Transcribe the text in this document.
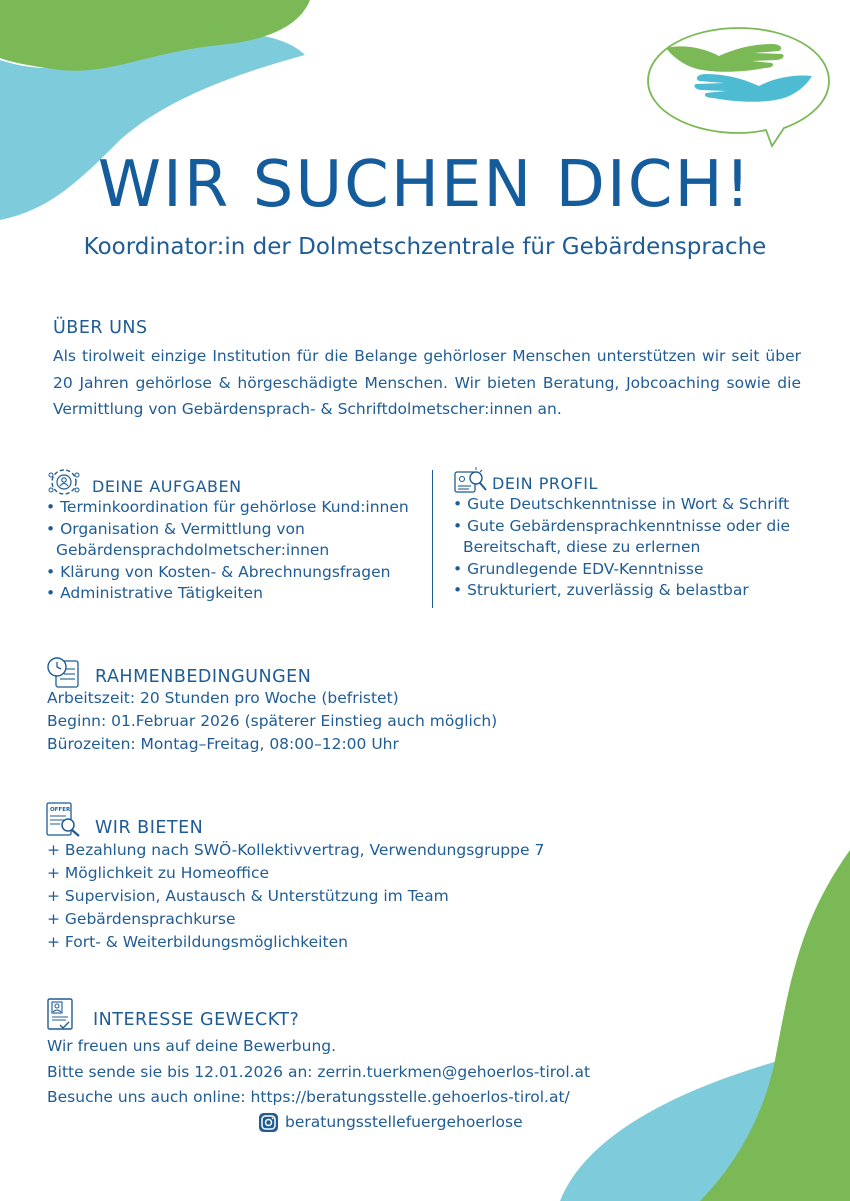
WIR SUCHEN DICH!
Koordinator:in der Dolmetschzentrale für Gebärdensprache
ÜBER UNS
Als tirolweit einzige Institution für die Belange gehörloser Menschen unterstützen wir seit über 20 Jahren gehörlose & hörgeschädigte Menschen. Wir bieten Beratung, Jobcoaching sowie die Vermittlung von Gebärdensprach- & Schriftdolmetscher:innen an.
DEINE AUFGABEN
• Terminkoordination für gehörlose Kund:innen
• Organisation & Vermittlung von Gebärdensprachdolmetscher:innen
• Klärung von Kosten- & Abrechnungsfragen
• Administrative Tätigkeiten
DEIN PROFIL
• Gute Deutschkenntnisse in Wort & Schrift
• Gute Gebärdensprachkenntnisse oder die Bereitschaft, diese zu erlernen
• Grundlegende EDV-Kenntnisse
• Strukturiert, zuverlässig & belastbar
RAHMENBEDINGUNGEN
Arbeitszeit: 20 Stunden pro Woche (befristet)
Beginn: 01.Februar 2026 (späterer Einstieg auch möglich)
Bürozeiten: Montag–Freitag, 08:00–12:00 Uhr
OFFER
WIR BIETEN
+ Bezahlung nach SWÖ-Kollektivvertrag, Verwendungsgruppe 7
+ Möglichkeit zu Homeoffice
+ Supervision, Austausch & Unterstützung im Team
+ Gebärdensprachkurse
+ Fort- & Weiterbildungsmöglichkeiten
INTERESSE GEWECKT?
Wir freuen uns auf deine Bewerbung.
Bitte sende sie bis 12.01.2026 an: zerrin.tuerkmen@gehoerlos-tirol.at
Besuche uns auch online: https://beratungsstelle.gehoerlos-tirol.at/
beratungsstellefuergehoerlose
